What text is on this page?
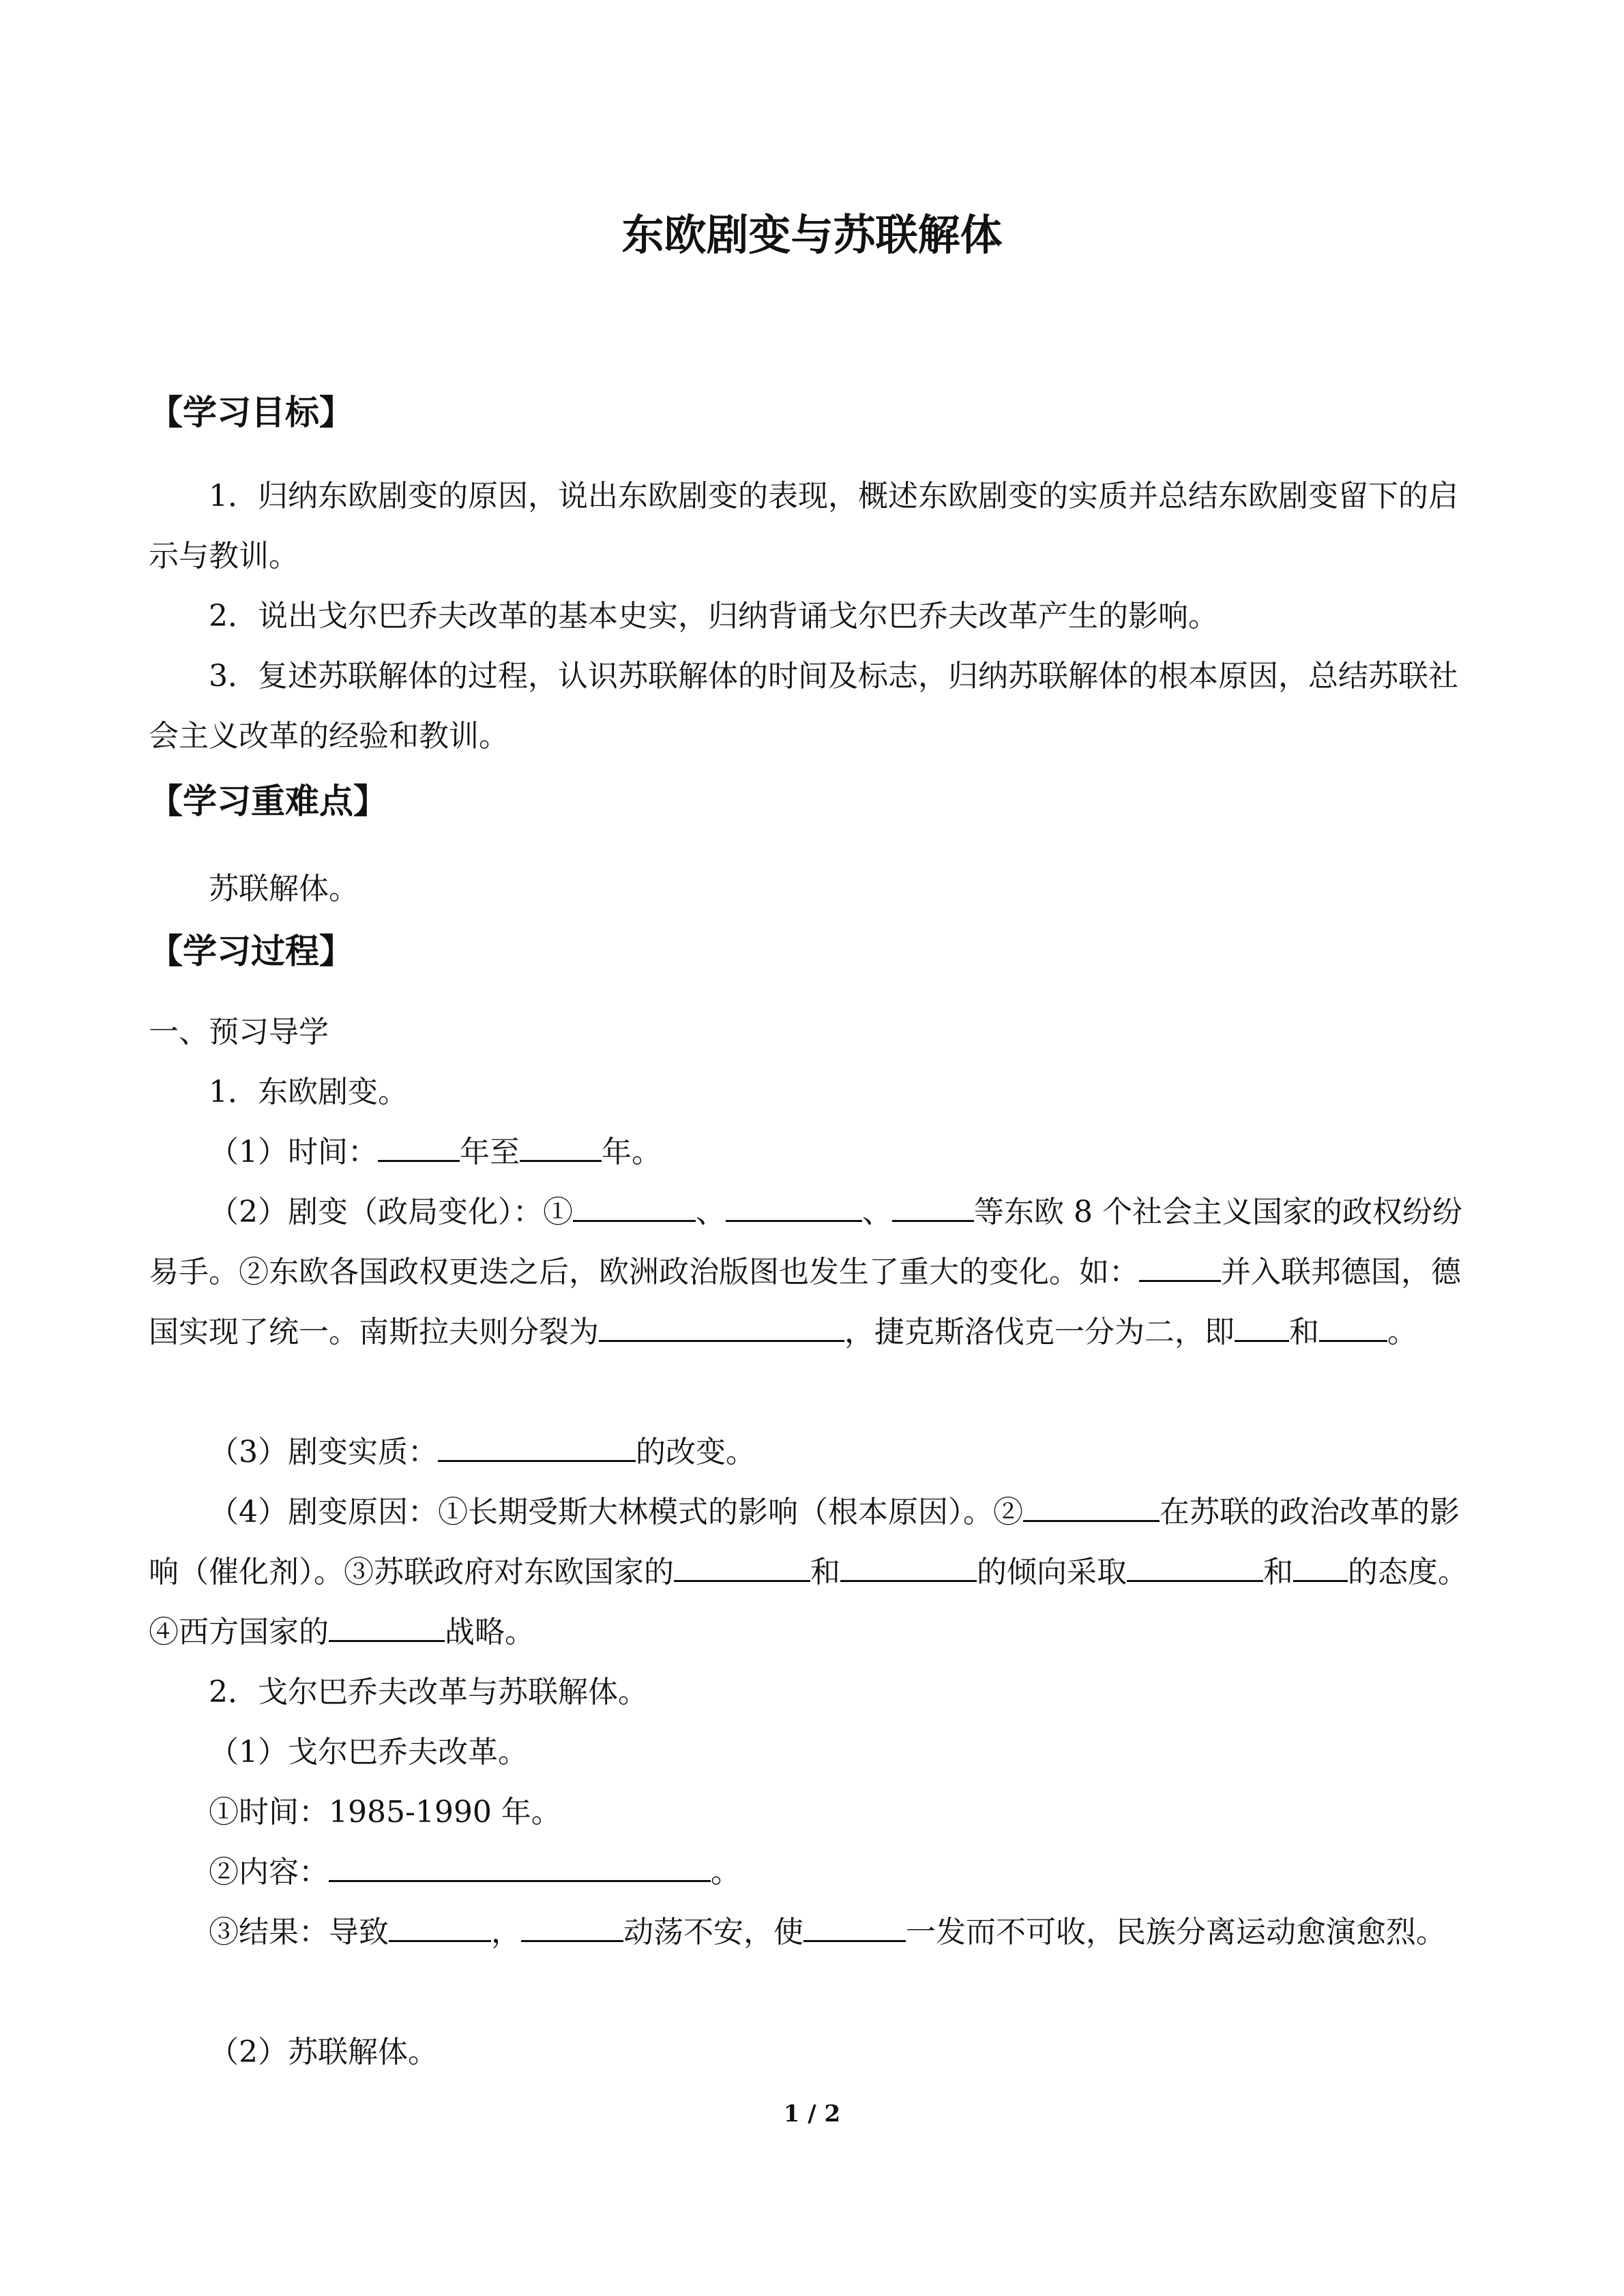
东欧剧变与苏联解体
【学习目标】
1．归纳东欧剧变的原因，说出东欧剧变的表现，概述东欧剧变的实质并总结东欧剧变留下的启示与教训。
2．说出戈尔巴乔夫改革的基本史实，归纳背诵戈尔巴乔夫改革产生的影响。
3．复述苏联解体的过程，认识苏联解体的时间及标志，归纳苏联解体的根本原因，总结苏联社会主义改革的经验和教训。
【学习重难点】
苏联解体。
【学习过程】
一、预习导学
1．东欧剧变。
（1）时间：	年至	年。
（2）剧变（政局变化）：①	、	、	等东欧 8 个社会主义国家的政权纷纷易手。②东欧各国政权更迭之后，欧洲政治版图也发生了重大的变化。如：	并入联邦德国，德国实现了统一。南斯拉夫则分裂为	，捷克斯洛伐克一分为二，即 和 。
（3）剧变实质：	的改变。
（4）剧变原因：①长期受斯大林模式的影响（根本原因）。②	在苏联的政治改革的影响（催化剂）。③苏联政府对东欧国家的	和	的倾向采取	和 的态度。④西方国家的	战略。
2．戈尔巴乔夫改革与苏联解体。
（1）戈尔巴乔夫改革。
①时间：1985-1990 年。
②内容：	。
③结果：导致	，	动荡不安，使	一发而不可收，民族分离运动愈演愈烈。
（2）苏联解体。
1 / 2
